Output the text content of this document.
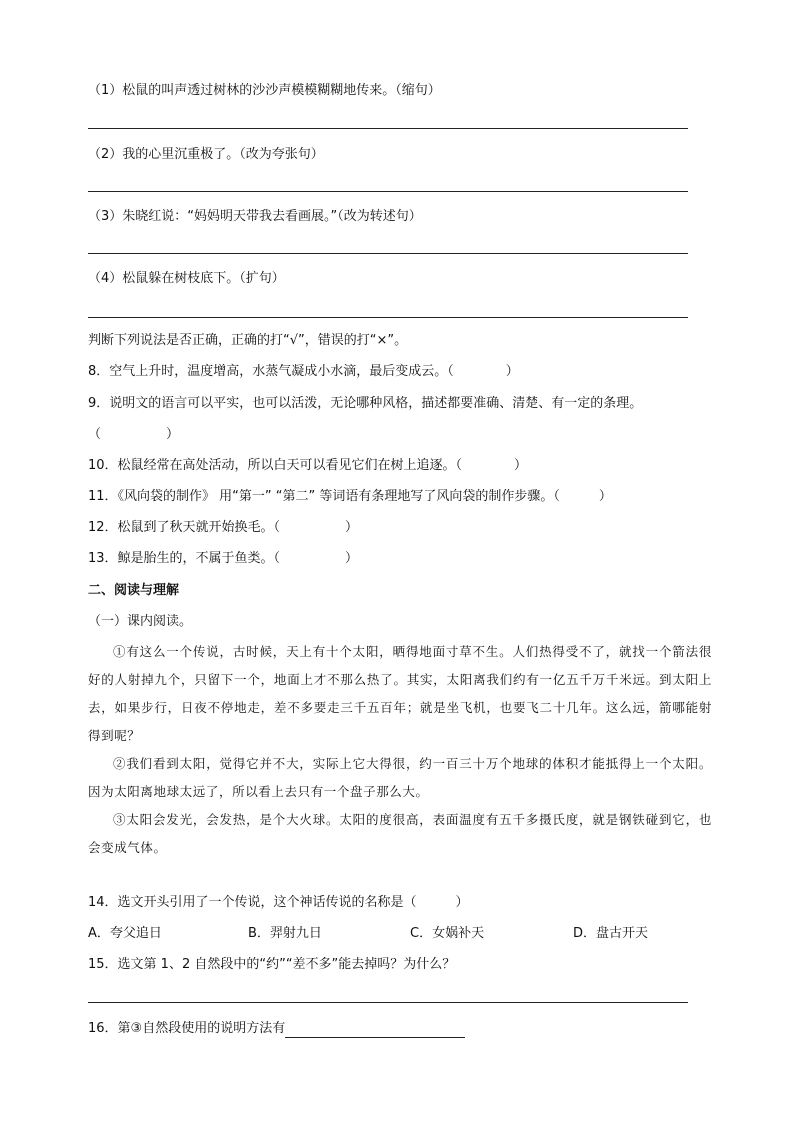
（1）松鼠的叫声透过树林的沙沙声模模糊糊地传来。（缩句）
（2）我的心里沉重极了。（改为夸张句）
（3）朱晓红说：“妈妈明天带我去看画展。”（改为转述句）
（4）松鼠躲在树枝底下。（扩句）
判断下列说法是否正确，正确的打“√”，错误的打“×”。
8．空气上升时，温度增高，水蒸气凝成小水滴，最后变成云。（　　　　）
9．说明文的语言可以平实，也可以活泼，无论哪种风格，描述都要准确、清楚、有一定的条理。
（　　　　　）
10．松鼠经常在高处活动，所以白天可以看见它们在树上追逐。（　　　　）
11．《风向袋的制作》 用“第一” “第二” 等词语有条理地写了风向袋的制作步骤。（　　　）
12．松鼠到了秋天就开始换毛。（　　　　　）
13．鲸是胎生的，不属于鱼类。（　　　　　）
二、阅读与理解
（一）课内阅读。

①有这么一个传说，古时候，天上有十个太阳，晒得地面寸草不生。人们热得受不了，就找一个箭法很好的人射掉九个，只留下一个，地面上才不那么热了。其实，太阳离我们约有一亿五千万千米远。到太阳上去，如果步行，日夜不停地走，差不多要走三千五百年；就是坐飞机，也要飞二十几年。这么远，箭哪能射得到呢？

②我们看到太阳，觉得它并不大，实际上它大得很，约一百三十万个地球的体积才能抵得上一个太阳。因为太阳离地球太远了，所以看上去只有一个盘子那么大。

③太阳会发光，会发热，是个大火球。太阳的度很高，表面温度有五千多摄氏度，就是钢铁碰到它，也会变成气体。

14．选文开头引用了一个传说，这个神话传说的名称是（　　　）
A．夸父追日	B．羿射九日	C．女娲补天	D．盘古开天
15．选文第 1、2 自然段中的“约”“差不多”能去掉吗？为什么？
16．第③自然段使用的说明方法有
